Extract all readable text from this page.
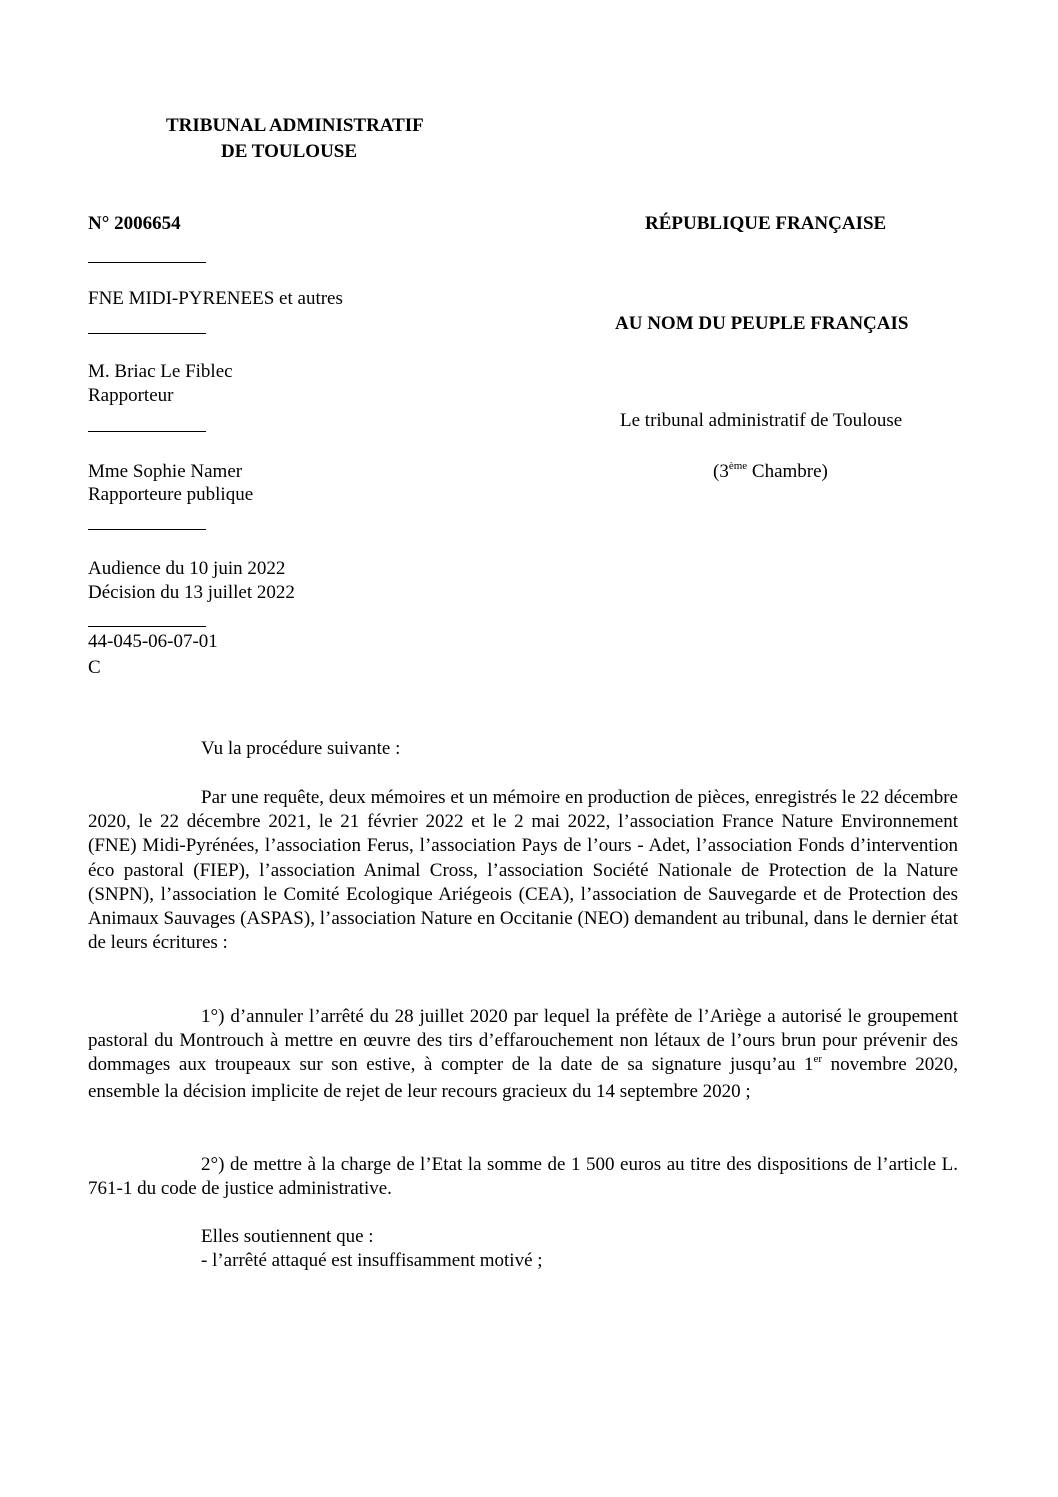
TRIBUNAL ADMINISTRATIF
DE TOULOUSE
N° 2006654	RÉPUBLIQUE FRANÇAISE
FNE MIDI-PYRENEES et autres
AU NOM DU PEUPLE FRANÇAIS
M. Briac Le Fiblec
Rapporteur
Le tribunal administratif de Toulouse
Mme Sophie Namer	(3ème Chambre)
Rapporteure publique
Audience du 10 juin 2022
Décision du 13 juillet 2022
44-045-06-07-01
C
Vu la procédure suivante :

Par une requête, deux mémoires et un mémoire en production de pièces, enregistrés le 22 décembre 2020, le 22 décembre 2021, le 21 février 2022 et le 2 mai 2022, l’association France Nature Environnement (FNE) Midi-Pyrénées, l’association Ferus, l’association Pays de l’ours - Adet, l’association Fonds d’intervention éco pastoral (FIEP), l’association Animal Cross, l’association Société Nationale de Protection de la Nature (SNPN), l’association le Comité Ecologique Ariégeois (CEA), l’association de Sauvegarde et de Protection des Animaux Sauvages (ASPAS), l’association Nature en Occitanie (NEO) demandent au tribunal, dans le dernier état de leurs écritures :

1°) d’annuler l’arrêté du 28 juillet 2020 par lequel la préfète de l’Ariège a autorisé le groupement pastoral du Montrouch à mettre en œuvre des tirs d’effarouchement non létaux de l’ours brun pour prévenir des dommages aux troupeaux sur son estive, à compter de la date de sa signature jusqu’au 1er novembre 2020, ensemble la décision implicite de rejet de leur recours gracieux du 14 septembre 2020 ;

2°) de mettre à la charge de l’Etat la somme de 1 500 euros au titre des dispositions de l’article L. 761-1 du code de justice administrative.

Elles soutiennent que :
- l’arrêté attaqué est insuffisamment motivé ;
